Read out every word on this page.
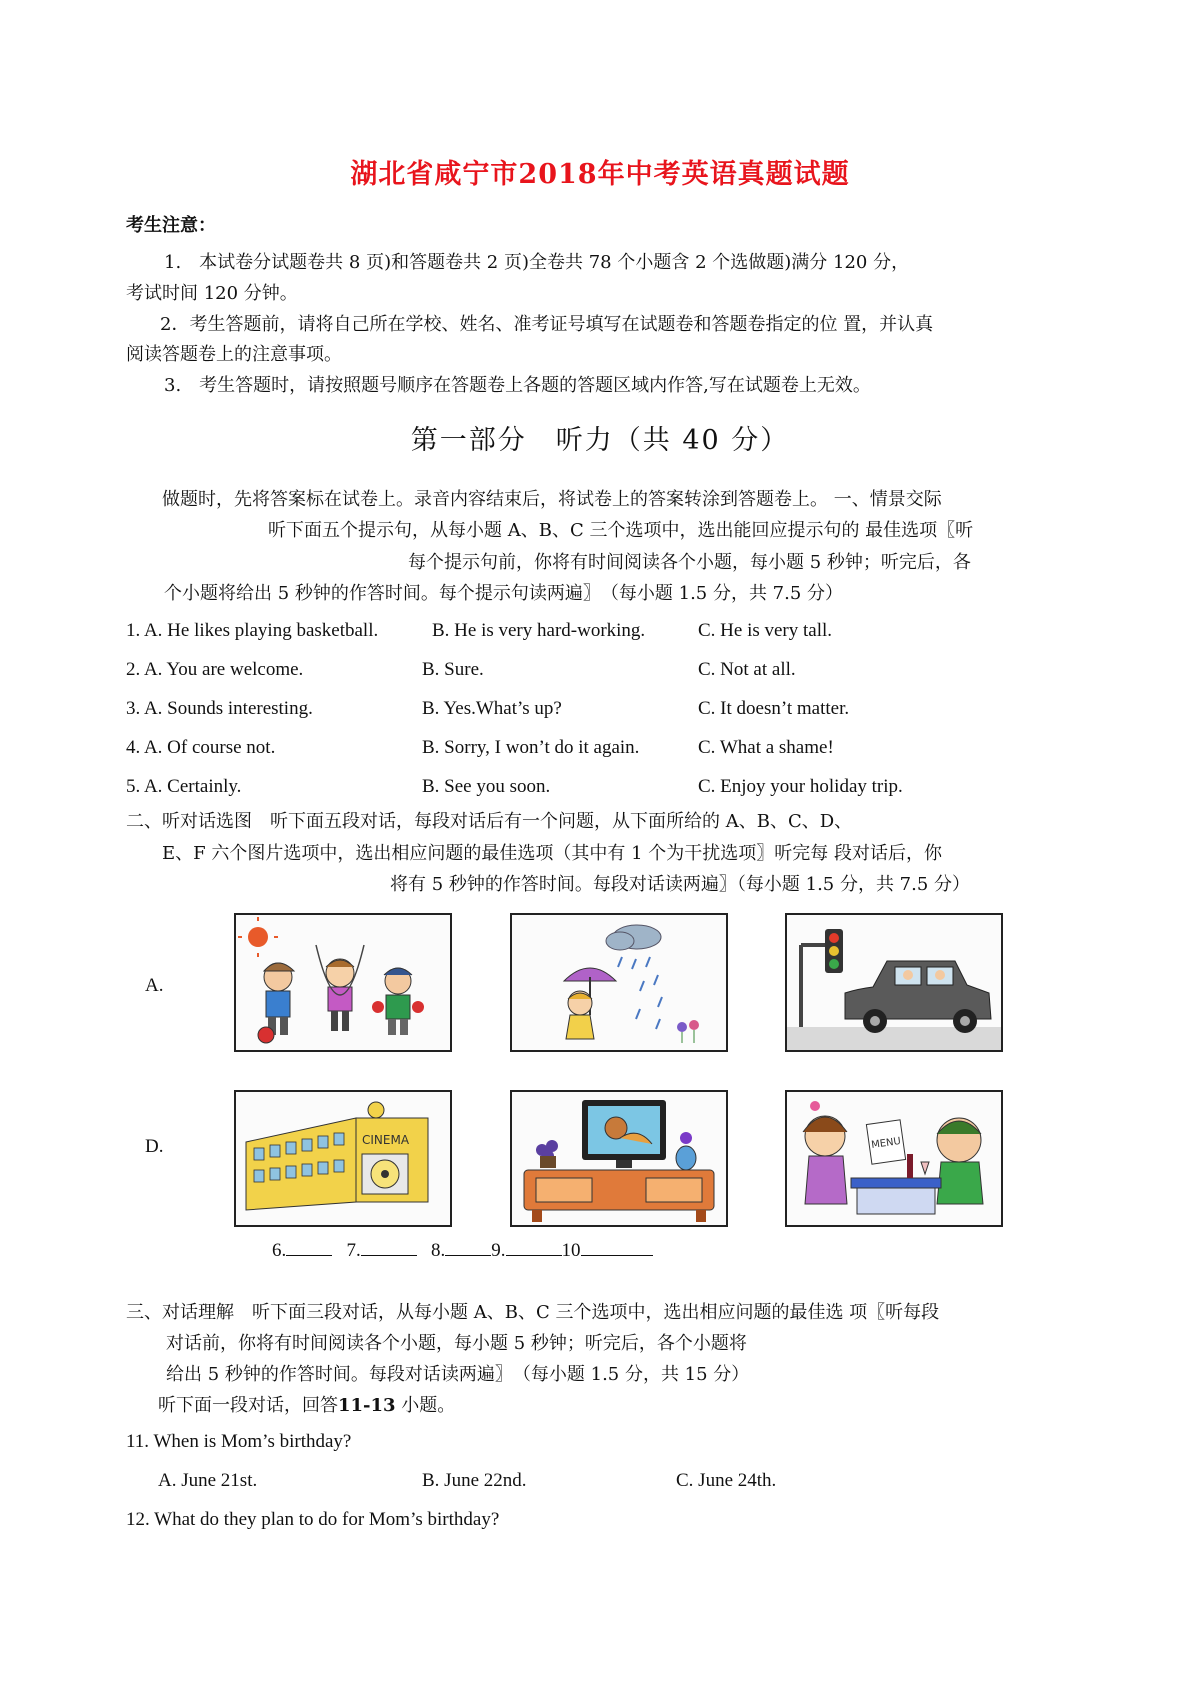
湖北省咸宁市2018年中考英语真题试题
考生注意：
1.　本试卷分试题卷共 8 页)和答题卷共 2 页)全卷共 78 个小题含 2 个选做题)满分 120 分，
考试时间 120 分钟。
2．考生答题前，请将自己所在学校、姓名、准考证号填写在试题卷和答题卷指定的位 置，并认真
阅读答题卷上的注意事项。
3.　考生答题时，请按照题号顺序在答题卷上各题的答题区域内作答,写在试题卷上无效。
第一部分　听力（共 40 分）
做题时，先将答案标在试卷上。录音内容结束后，将试卷上的答案转涂到答题卷上。 一、情景交际
听下面五个提示句，从每小题 A、B、C 三个选项中，选出能回应提示句的 最佳选项〖听
每个提示句前，你将有时间阅读各个小题，每小题 5 秒钟；听完后，各
个小题将给出 5 秒钟的作答时间。每个提示句读两遍〗　（每小题 1.5 分，共 7.5 分）
1. A. He likes playing basketball.	B. He is very hard-working.	C. He is very tall.
2. A. You are welcome.	B. Sure.	C. Not at all.
3. A. Sounds interesting.	B. Yes.What’s up?	C. It doesn’t matter.
4. A. Of course not.	B. Sorry, I won’t do it again.	C. What a shame!
5. A. Certainly.	B. See you soon.	C. Enjoy your holiday trip.
二、听对话选图　听下面五段对话，每段对话后有一个问题，从下面所给的 A、B、C、D、
E、F 六个图片选项中，选出相应问题的最佳选项（其中有 1 个为干扰选项〗听完每 段对话后，你
将有 5 秒钟的作答时间。每段对话读两遍〗（每小题 1.5 分，共 7.5 分）
A.
D.	CINEMA	MENU
6.	7.	8. 9.	10
三、对话理解　听下面三段对话，从每小题 A、B、C 三个选项中，选出相应问题的最佳选 项〖听每段
对话前，你将有时间阅读各个小题，每小题 5 秒钟；听完后，各个小题将
给出 5 秒钟的作答时间。每段对话读两遍〗　（每小题 1.5 分，共 15 分）
听下面一段对话，回答11-13 小题。
11. When is Mom’s birthday?
A. June 21st.	B. June 22nd.	C. June 24th.
12. What do they plan to do for Mom’s birthday?
